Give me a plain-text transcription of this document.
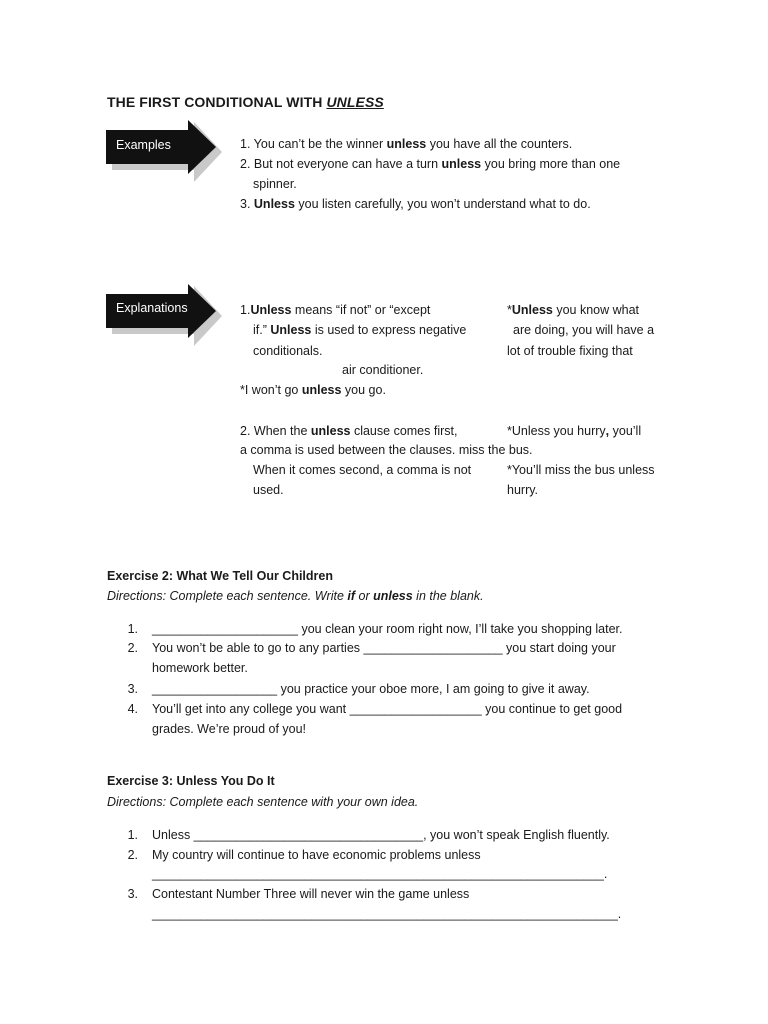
THE FIRST CONDITIONAL WITH UNLESS
Examples	1. You can’t be the winner unless you have all the counters.
2. But not everyone can have a turn unless you bring more than one
spinner.
3. Unless you listen carefully, you won’t understand what to do.
Explanations	1.Unless means “if not” or “except
if.” Unless is used to express negative
conditionals.
air conditioner.
*I won’t go unless you go.
2. When the unless clause comes first,
a comma is used between the clauses. miss the bus.
When it comes second, a comma is not
used.
*Unless you know what
are doing, you will have a
lot of trouble fixing that
*Unless you hurry, you’ll
*You’ll miss the bus unless
hurry.
Exercise 2: What We Tell Our Children
Directions: Complete each sentence. Write if or unless in the blank.
1. _____________________ you clean your room right now, I’ll take you shopping later.
2. You won’t be able to go to any parties ____________________ you start doing your
homework better.
3. __________________ you practice your oboe more, I am going to give it away.
4. You’ll get into any college you want ___________________ you continue to get good
grades. We’re proud of you!
Exercise 3: Unless You Do It
Directions: Complete each sentence with your own idea.
1. Unless _________________________________, you won’t speak English fluently.
2. My country will continue to have economic problems unless
_________________________________________________________________.
3. Contestant Number Three will never win the game unless
___________________________________________________________________.
